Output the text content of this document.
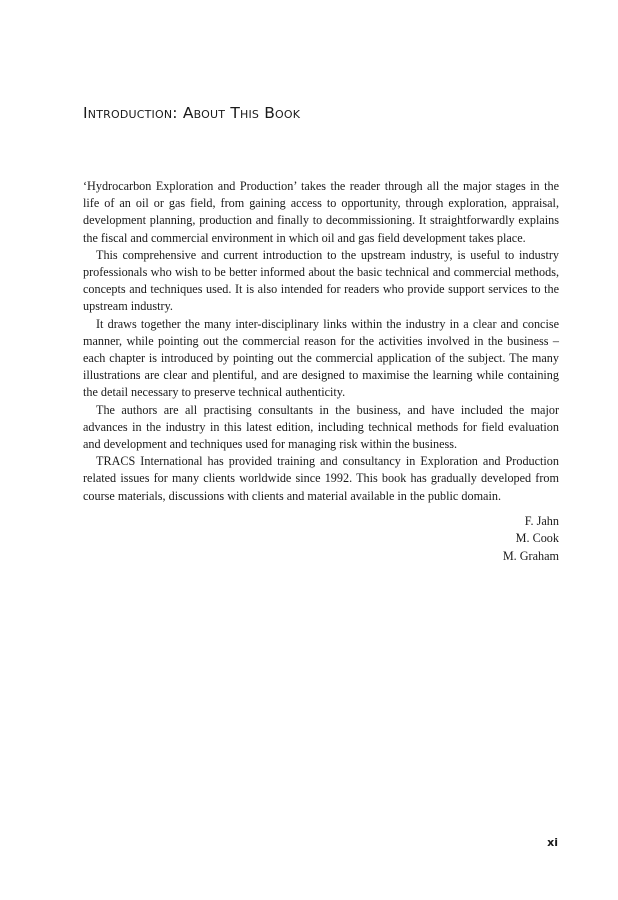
Introduction: About This Book

‘Hydrocarbon Exploration and Production’ takes the reader through all the major stages in the life of an oil or gas field, from gaining access to opportunity, through exploration, appraisal, development planning, production and finally to decommissioning. It straightforwardly explains the fiscal and commercial environment in which oil and gas field development takes place.

This comprehensive and current introduction to the upstream industry, is useful to industry professionals who wish to be better informed about the basic technical and commercial methods, concepts and techniques used. It is also intended for readers who provide support services to the upstream industry.

It draws together the many inter-disciplinary links within the industry in a clear and concise manner, while pointing out the commercial reason for the activities involved in the business – each chapter is introduced by pointing out the commercial application of the subject. The many illustrations are clear and plentiful, and are designed to maximise the learning while containing the detail necessary to preserve technical authenticity.

The authors are all practising consultants in the business, and have included the major advances in the industry in this latest edition, including technical methods for field evaluation and development and techniques used for managing risk within the business.

TRACS International has provided training and consultancy in Exploration and Production related issues for many clients worldwide since 1992. This book has gradually developed from course materials, discussions with clients and material available in the public domain.

F. Jahn
M. Cook
M. Graham
xi
